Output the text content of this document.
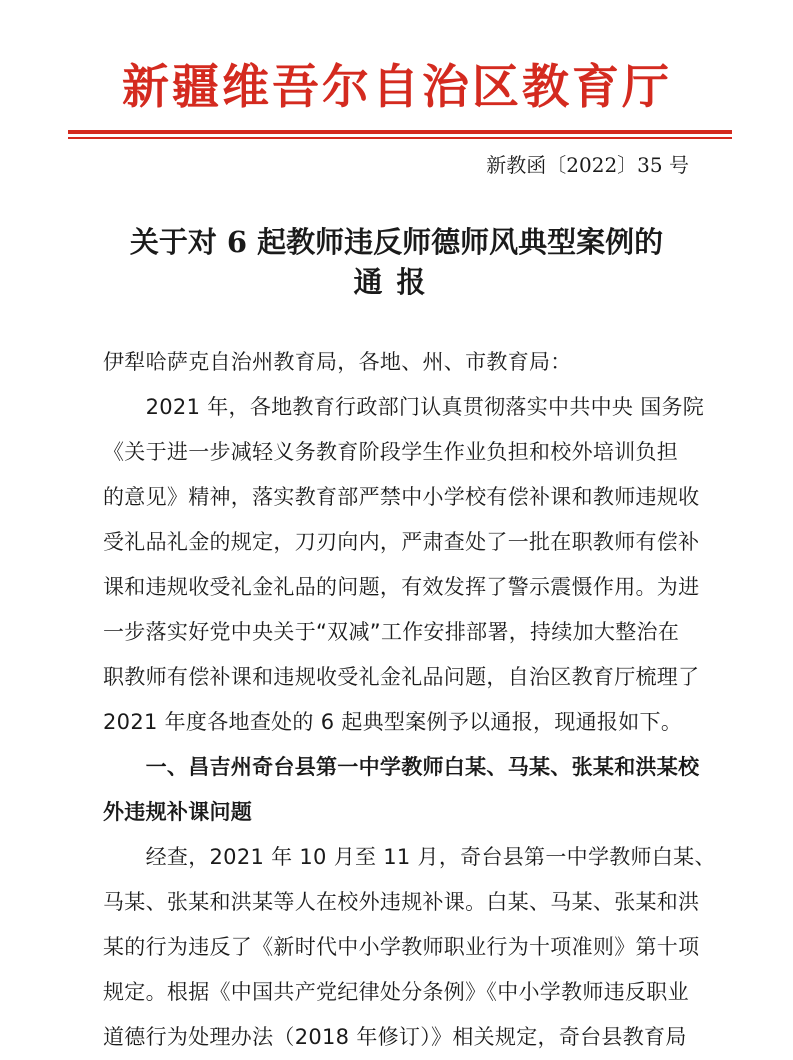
新疆维吾尔自治区教育厅
新教函〔2022〕35 号
关于对 6 起教师违反师德师风典型案例的
通报
伊犁哈萨克自治州教育局，各地、州、市教育局：
　　2021 年，各地教育行政部门认真贯彻落实中共中央 国务院
《关于进一步减轻义务教育阶段学生作业负担和校外培训负担
的意见》精神，落实教育部严禁中小学校有偿补课和教师违规收
受礼品礼金的规定，刀刃向内，严肃查处了一批在职教师有偿补
课和违规收受礼金礼品的问题，有效发挥了警示震慑作用。为进
一步落实好党中央关于“双减”工作安排部署，持续加大整治在
职教师有偿补课和违规收受礼金礼品问题，自治区教育厅梳理了
2021 年度各地查处的 6 起典型案例予以通报，现通报如下。
　　一、昌吉州奇台县第一中学教师白某、马某、张某和洪某校
外违规补课问题
　　经查，2021 年 10 月至 11 月，奇台县第一中学教师白某、
马某、张某和洪某等人在校外违规补课。白某、马某、张某和洪
某的行为违反了《新时代中小学教师职业行为十项准则》第十项
规定。根据《中国共产党纪律处分条例》《中小学教师违反职业
道德行为处理办法（2018 年修订）》相关规定，奇台县教育局
